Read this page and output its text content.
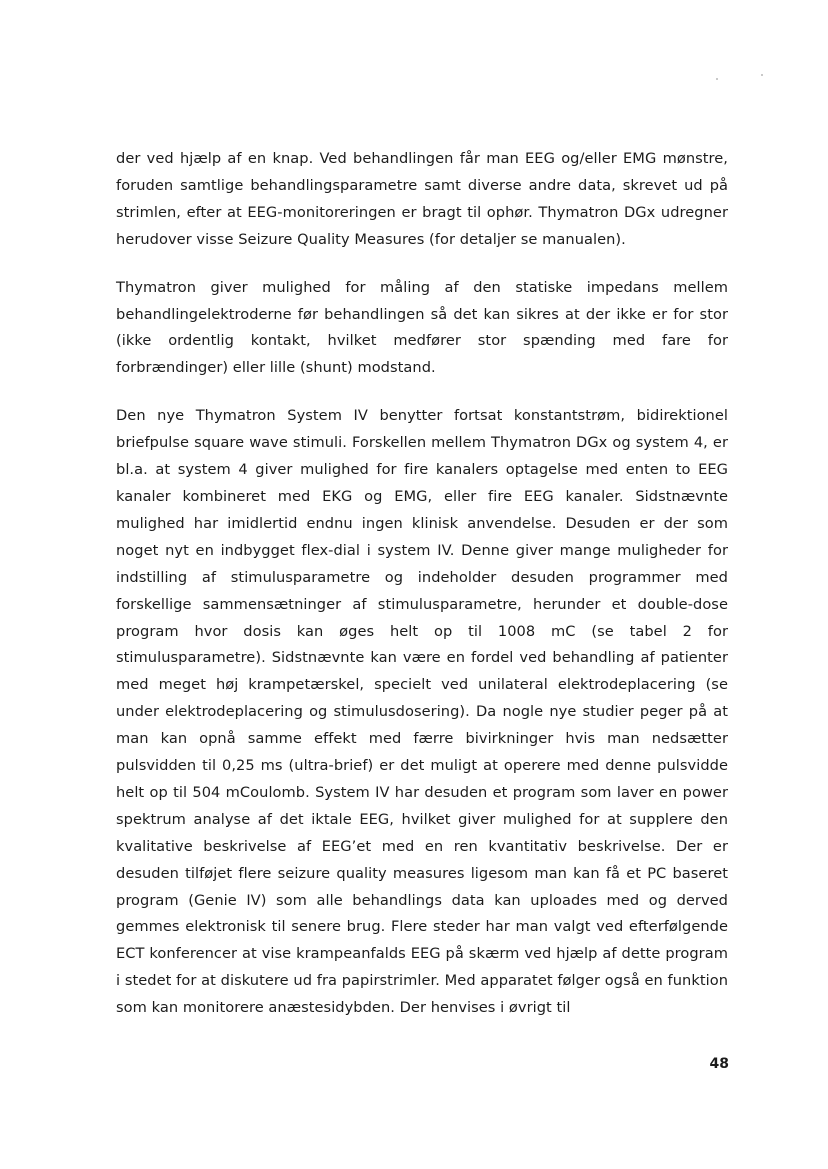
der ved hjælp af en knap. Ved behandlingen får man EEG og/eller EMG mønstre, foruden samtlige behandlingsparametre samt diverse andre data, skrevet ud på strimlen, efter at EEG-monitoreringen er bragt til ophør. Thymatron DGx udregner herudover visse Seizure Quality Measures (for detaljer se manualen).

Thymatron giver mulighed for måling af den statiske impedans mellem behandlingelektroderne før behandlingen så det kan sikres at der ikke er for stor (ikke ordentlig kontakt, hvilket medfører stor spænding med fare for forbrændinger) eller lille (shunt) modstand.

Den nye Thymatron System IV benytter fortsat konstantstrøm, bidirektionel briefpulse square wave stimuli. Forskellen mellem Thymatron DGx og system 4, er bl.a. at system 4 giver mulighed for fire kanalers optagelse med enten to EEG kanaler kombineret med EKG og EMG, eller fire EEG kanaler. Sidstnævnte mulighed har imidlertid endnu ingen klinisk anvendelse. Desuden er der som noget nyt en indbygget flex-dial i system IV. Denne giver mange muligheder for indstilling af stimulusparametre og indeholder desuden programmer med forskellige sammensætninger af stimulusparametre, herunder et double-dose program hvor dosis kan øges helt op til 1008 mC (se tabel 2 for stimulusparametre). Sidstnævnte kan være en fordel ved behandling af patienter med meget høj krampetærskel, specielt ved unilateral elektrodeplacering (se under elektrodeplacering og stimulusdosering). Da nogle nye studier peger på at man kan opnå samme effekt med færre bivirkninger hvis man nedsætter pulsvidden til 0,25 ms (ultra-brief) er det muligt at operere med denne pulsvidde helt op til 504 mCoulomb. System IV har desuden et program som laver en power spektrum analyse af det iktale EEG, hvilket giver mulighed for at supplere den kvalitative beskrivelse af EEG’et med en ren kvantitativ beskrivelse. Der er desuden tilføjet flere seizure quality measures ligesom man kan få et PC baseret program (Genie IV) som alle behandlings data kan uploades med og derved gemmes elektronisk til senere brug. Flere steder har man valgt ved efterfølgende ECT konferencer at vise krampeanfalds EEG på skærm ved hjælp af dette program i stedet for at diskutere ud fra papirstrimler. Med apparatet følger også en funktion som kan monitorere anæstesidybden. Der henvises i øvrigt til

48
